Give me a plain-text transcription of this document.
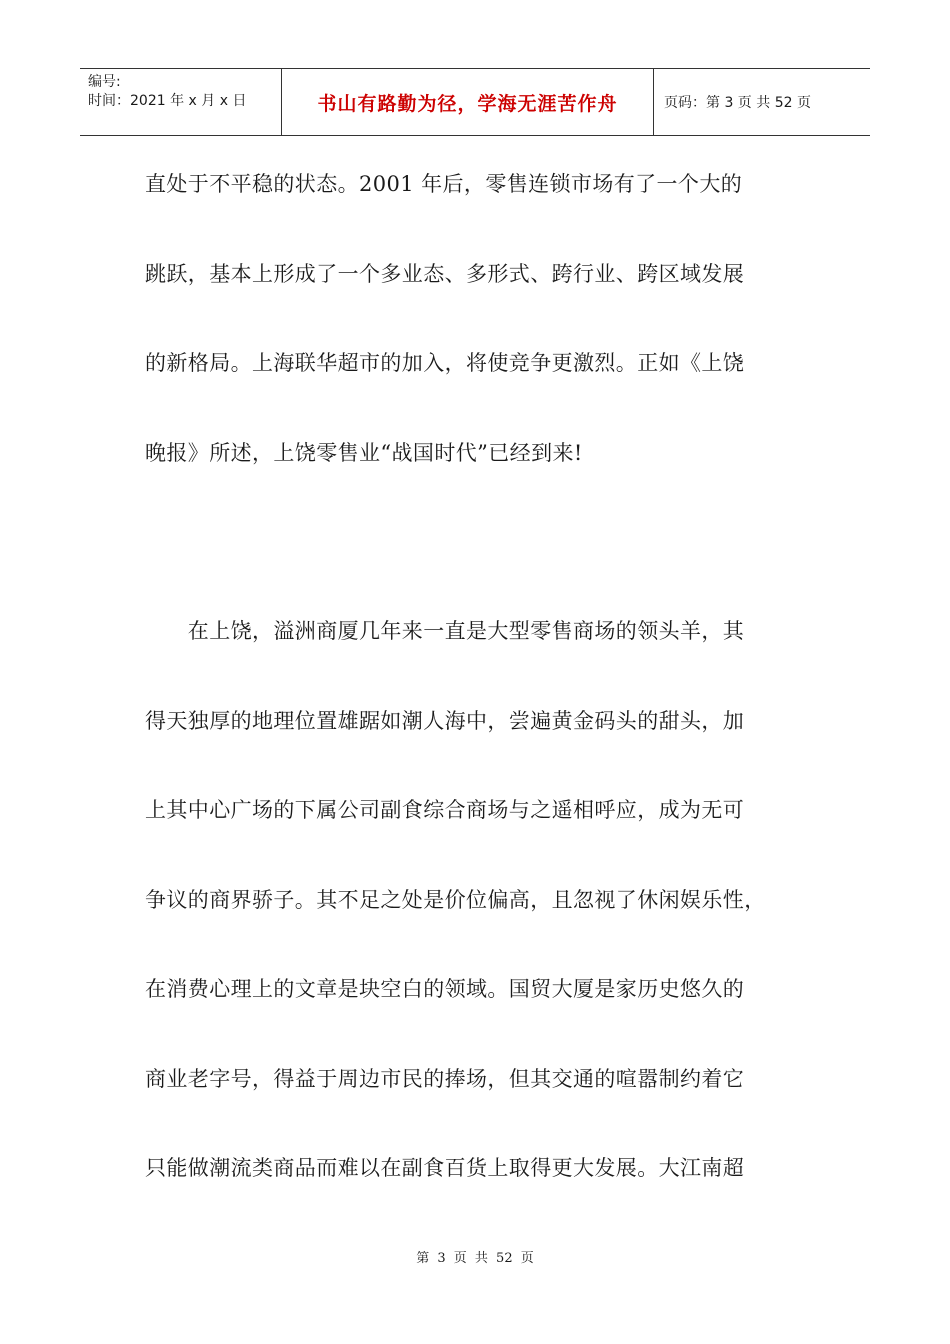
编号:
时间：2021 年 x 月 x 日	书山有路勤为径，学海无涯苦作舟	页码：第 3 页 共 52 页
直处于不平稳的状态。2001 年后，零售连锁市场有了一个大的
跳跃，基本上形成了一个多业态、多形式、跨行业、跨区域发展
的新格局。上海联华超市的加入，将使竞争更激烈。正如《上饶
晚报》所述，上饶零售业“战国时代”已经到来!
　　在上饶，溢洲商厦几年来一直是大型零售商场的领头羊，其
得天独厚的地理位置雄踞如潮人海中，尝遍黄金码头的甜头，加
上其中心广场的下属公司副食综合商场与之遥相呼应，成为无可
争议的商界骄子。其不足之处是价位偏高，且忽视了休闲娱乐性，
在消费心理上的文章是块空白的领域。国贸大厦是家历史悠久的
商业老字号，得益于周边市民的捧场，但其交通的喧嚣制约着它
只能做潮流类商品而难以在副食百货上取得更大发展。大江南超
第 3 页 共 52 页
